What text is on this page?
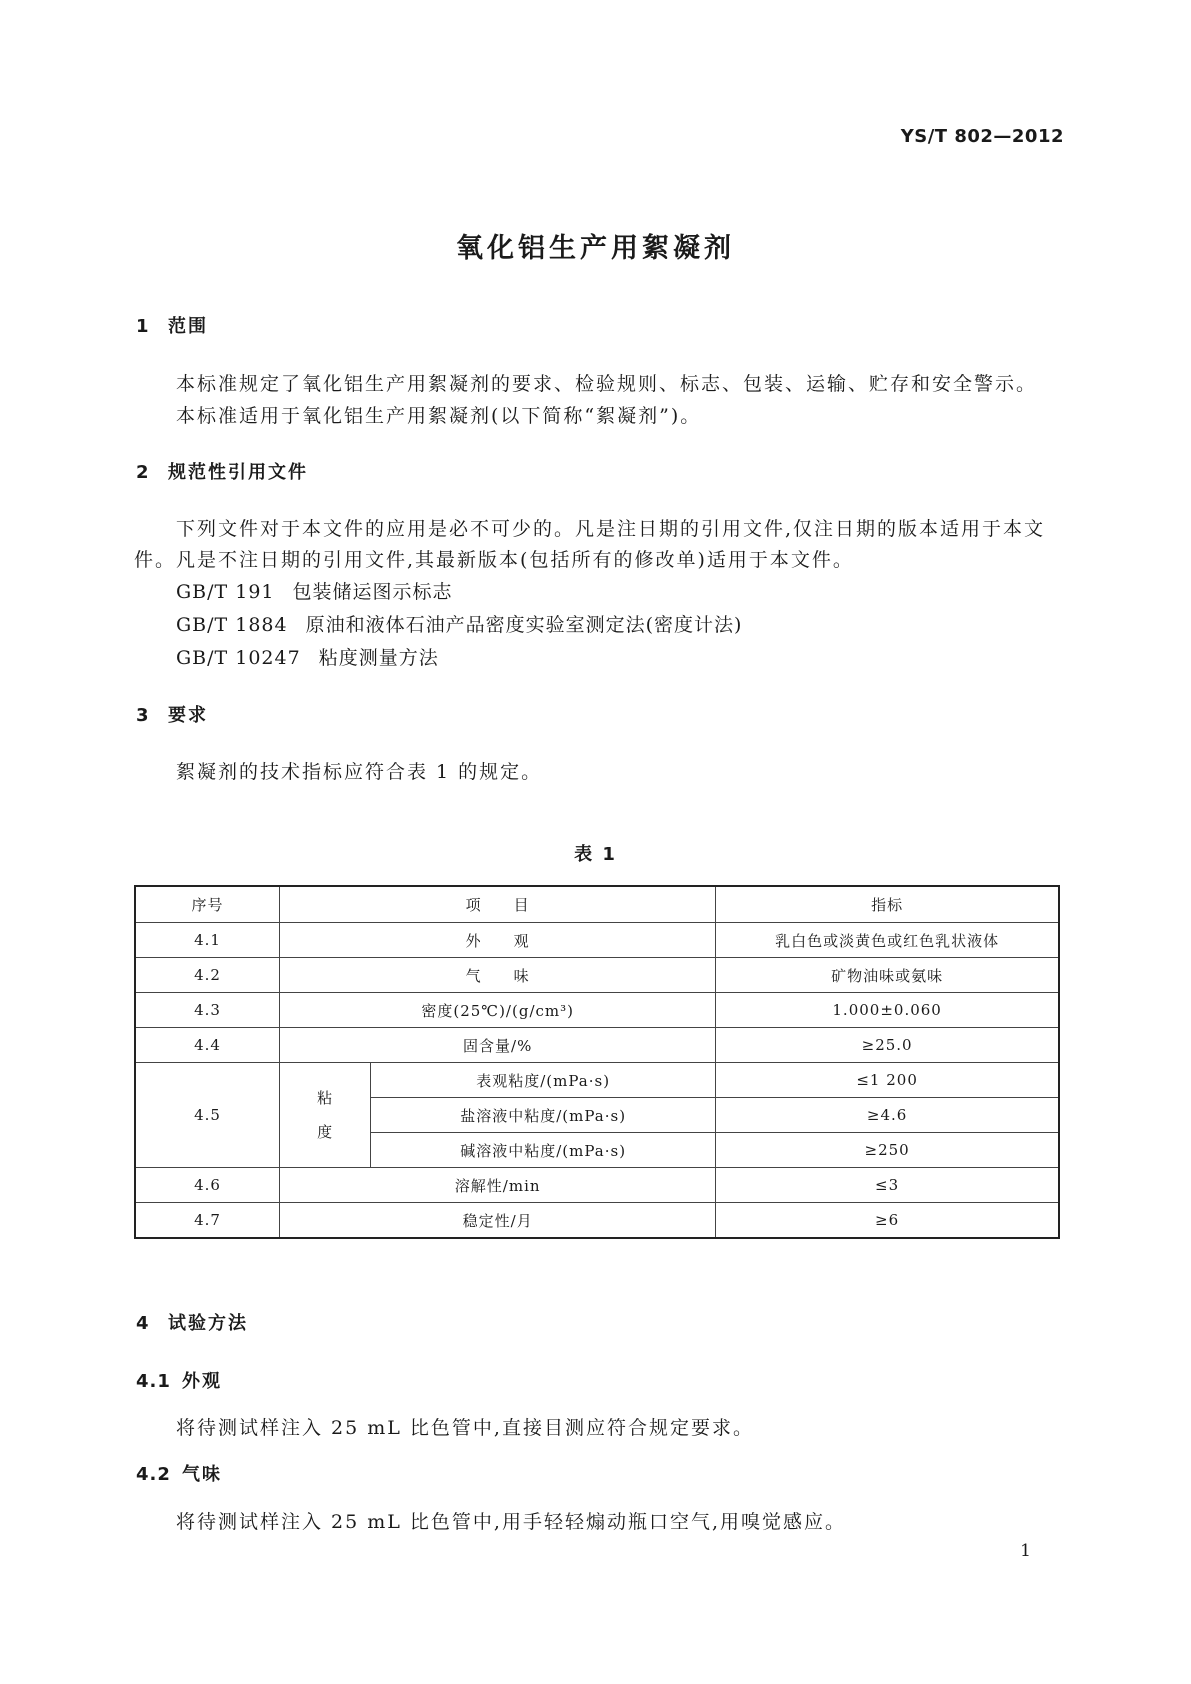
YS/T 802—2012
氧化铝生产用絮凝剂
1 范围
本标准规定了氧化铝生产用絮凝剂的要求、检验规则、标志、包装、运输、贮存和安全警示。
本标准适用于氧化铝生产用絮凝剂(以下简称“絮凝剂”)。
2 规范性引用文件
下列文件对于本文件的应用是必不可少的。凡是注日期的引用文件,仅注日期的版本适用于本文
件。凡是不注日期的引用文件,其最新版本(包括所有的修改单)适用于本文件。
GB/T 191 包装储运图示标志
GB/T 1884 原油和液体石油产品密度实验室测定法(密度计法)
GB/T 10247 粘度测量方法
3 要求
絮凝剂的技术指标应符合表 1 的规定。
表 1
序号	项　　目		指标
4.1	外　　观		乳白色或淡黄色或红色乳状液体
4.2	气　　味		矿物油味或氨味
4.3	密度(25℃)/(g/cm³)		1.000±0.060
4.4	固含量/%		≥25.0
4.5	粘度	表观粘度/(mPa·s)	≤1 200
		盐溶液中粘度/(mPa·s)	≥4.6
		碱溶液中粘度/(mPa·s)	≥250
4.6	溶解性/min		≤3
4.7	稳定性/月		≥6
4 试验方法
4.1 外观
将待测试样注入 25 mL 比色管中,直接目测应符合规定要求。
4.2 气味
将待测试样注入 25 mL 比色管中,用手轻轻煽动瓶口空气,用嗅觉感应。
1
